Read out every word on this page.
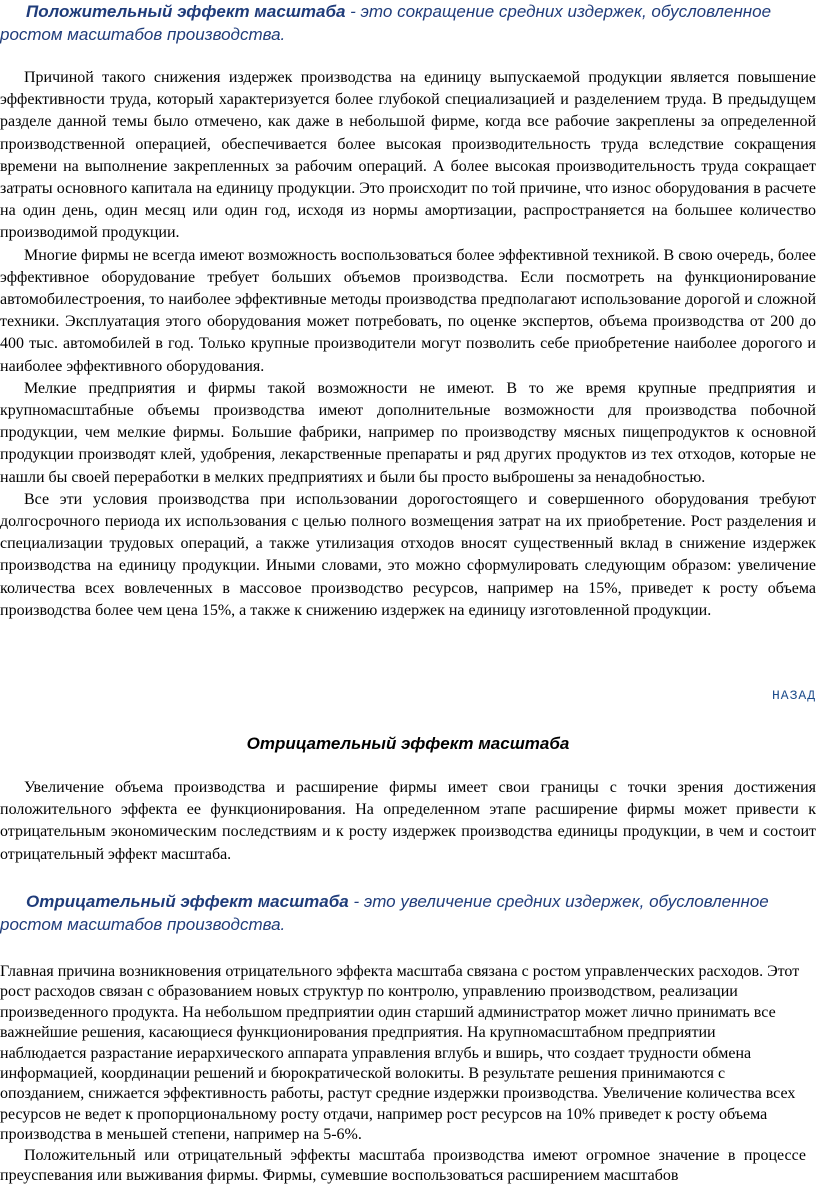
Положительный эффект масштаба - это сокращение средних издержек, обусловленное ростом масштабов производства.

Причиной такого снижения издержек производства на единицу выпускаемой продукции является повышение эффективности труда, который характеризуется более глубокой специализацией и разделением труда. В предыдущем разделе данной темы было отмечено, как даже в небольшой фирме, когда все рабочие закреплены за определенной производственной операцией, обеспечивается более высокая производительность труда вследствие сокращения времени на выполнение закрепленных за рабочим операций. А более высокая производительность труда сокращает затраты основного капитала на единицу продукции. Это происходит по той причине, что износ оборудования в расчете на один день, один месяц или один год, исходя из нормы амортизации, распространяется на большее количество производимой продукции.

Многие фирмы не всегда имеют возможность воспользоваться более эффективной техникой. В свою очередь, более эффективное оборудование требует больших объемов производства. Если посмотреть на функционирование автомобилестроения, то наиболее эффективные методы производства предполагают использование дорогой и сложной техники. Эксплуатация этого оборудования может потребовать, по оценке экспертов, объема производства от 200 до 400 тыс. автомобилей в год. Только крупные производители могут позволить себе приобретение наиболее дорогого и наиболее эффективного оборудования.

Мелкие предприятия и фирмы такой возможности не имеют. В то же время крупные предприятия и крупномасштабные объемы производства имеют дополнительные возможности для производства побочной продукции, чем мелкие фирмы. Большие фабрики, например по производству мясных пищепродуктов к основной продукции производят клей, удобрения, лекарственные препараты и ряд других продуктов из тех отходов, которые не нашли бы своей переработки в мелких предприятиях и были бы просто выброшены за ненадобностью.

Все эти условия производства при использовании дорогостоящего и совершенного оборудования требуют долгосрочного периода их использования с целью полного возмещения затрат на их приобретение. Рост разделения и специализации трудовых операций, а также утилизация отходов вносят существенный вклад в снижение издержек производства на единицу продукции. Иными словами, это можно сформулировать следующим образом: увеличение количества всех вовлеченных в массовое производство ресурсов, например на 15%, приведет к росту объема производства более чем цена 15%, а также к снижению издержек на единицу изготовленной продукции.

НАЗАД
Отрицательный эффект масштаба

Увеличение объема производства и расширение фирмы имеет свои границы с точки зрения достижения положительного эффекта ее функционирования. На определенном этапе расширение фирмы может привести к отрицательным экономическим последствиям и к росту издержек производства единицы продукции, в чем и состоит отрицательный эффект масштаба.

Отрицательный эффект масштаба - это увеличение средних издержек, обусловленное ростом масштабов производства.

Главная причина возникновения отрицательного эффекта масштаба связана с ростом управленческих расходов. Этот рост расходов связан с образованием новых структур по контролю, управлению производством, реализации произведенного продукта. На небольшом предприятии один старший администратор может лично принимать все важнейшие решения, касающиеся функционирования предприятия. На крупномасштабном предприятии наблюдается разрастание иерархического аппарата управления вглубь и вширь, что создает трудности обмена информацией, координации решений и бюрократической волокиты. В результате решения принимаются с опозданием, снижается эффективность работы, растут средние издержки производства. Увеличение количества всех ресурсов не ведет к пропорциональному росту отдачи, например рост ресурсов на 10% приведет к росту объема производства в меньшей степени, например на 5-6%.

Положительный или отрицательный эффекты масштаба производства имеют огромное значение в процессе преуспевания или выживания фирмы. Фирмы, сумевшие воспользоваться расширением масштабов
